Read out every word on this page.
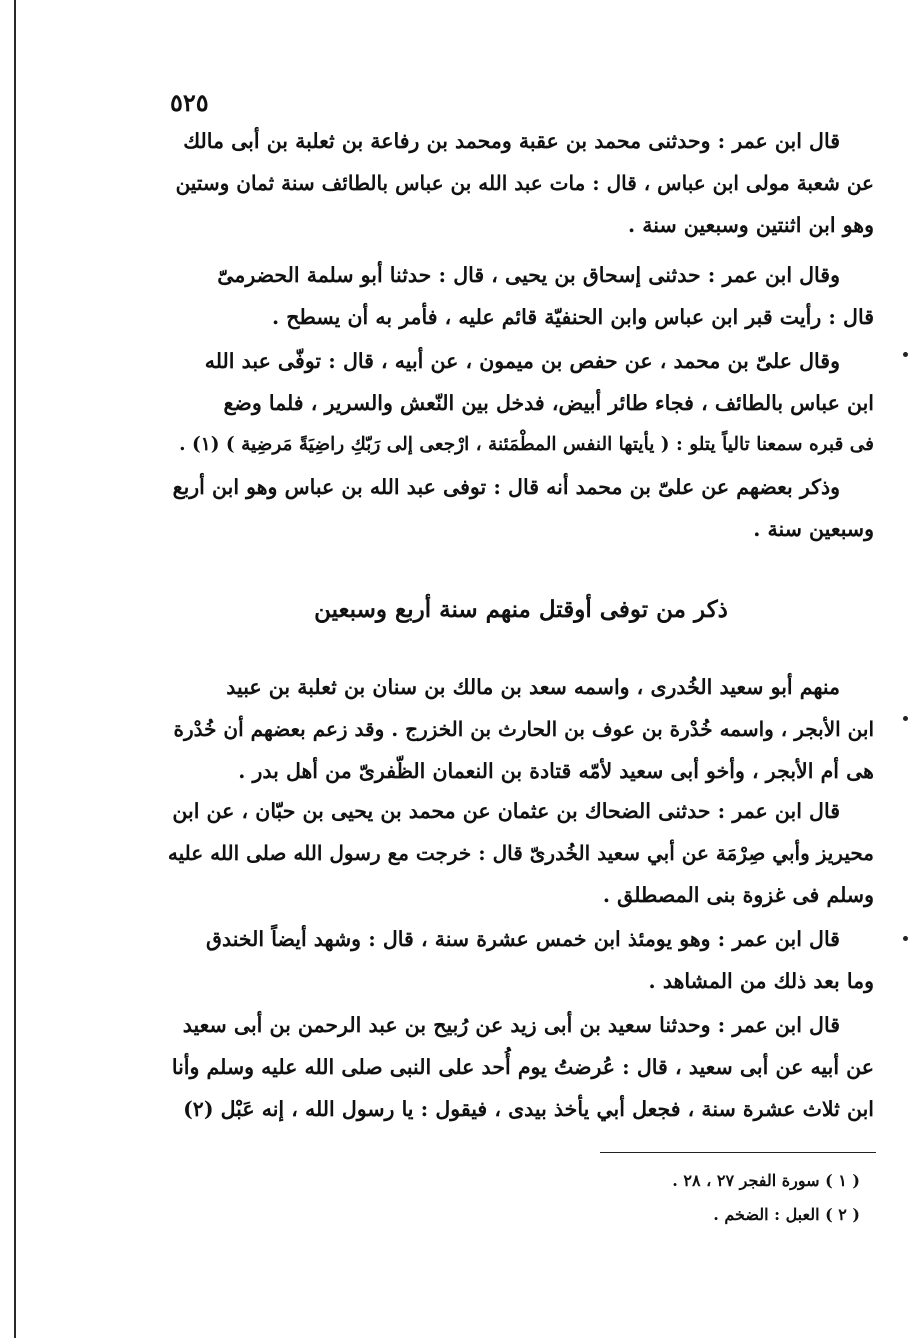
٥٢٥
قال ابن عمر : وحدثنى محمد بن عقبة ومحمد بن رفاعة بن ثعلبة بن أبى مالك
عن شعبة مولى ابن عباس ، قال : مات عبد الله بن عباس بالطائف سنة ثمان وستين
وهو ابن اثنتين وسبعين سنة .
وقال ابن عمر : حدثنى إسحاق بن يحيى ، قال : حدثنا أبو سلمة الحضرمىّ
قال : رأيت قبر ابن عباس وابن الحنفيّة قائم عليه ، فأمر به أن يسطح .
وقال علىّ بن محمد ، عن حفص بن ميمون ، عن أبيه ، قال : توفّى عبد الله
ابن عباس بالطائف ، فجاء طائر أبيض، فدخل بين النّعش والسرير ، فلما وضع
فى قبره سمعنا تالياً يتلو : ( يأيتها النفس المطْمَئنة ، ارْجعى إلى رَبّكِ راضِيَةً مَرضِية ) (١) .
وذكر بعضهم عن علىّ بن محمد أنه قال : توفى عبد الله بن عباس وهو ابن أربع
وسبعين سنة .
ذكر من توفى أوقتل منهم سنة أربع وسبعين
منهم أبو سعيد الخُدرى ، واسمه سعد بن مالك بن سنان بن ثعلبة بن عبيد
ابن الأبجر ، واسمه خُدْرة بن عوف بن الحارث بن الخزرج . وقد زعم بعضهم أن خُدْرة
هى أم الأبجر ، وأخو أبى سعيد لأمّه قتادة بن النعمان الظّفرىّ من أهل بدر .
قال ابن عمر : حدثنى الضحاك بن عثمان عن محمد بن يحيى بن حبّان ، عن ابن
محيريز وأبي صِرْمَة عن أبي سعيد الخُدرىّ قال : خرجت مع رسول الله صلى الله عليه
وسلم فى غزوة بنى المصطلق .
قال ابن عمر : وهو يومئذ ابن خمس عشرة سنة ، قال : وشهد أيضاً الخندق
وما بعد ذلك من المشاهد .
قال ابن عمر : وحدثنا سعيد بن أبى زيد عن رُبيح بن عبد الرحمن بن أبى سعيد
عن أبيه عن أبى سعيد ، قال : عُرضتُ يوم أُحد على النبى صلى الله عليه وسلم وأنا
ابن ثلاث عشرة سنة ، فجعل أبي يأخذ بيدى ، فيقول : يا رسول الله ، إنه عَبْل (٢)
( ١ ) سورة الفجر ٢٧ ، ٢٨ .
( ٢ ) العبل : الضخم .
